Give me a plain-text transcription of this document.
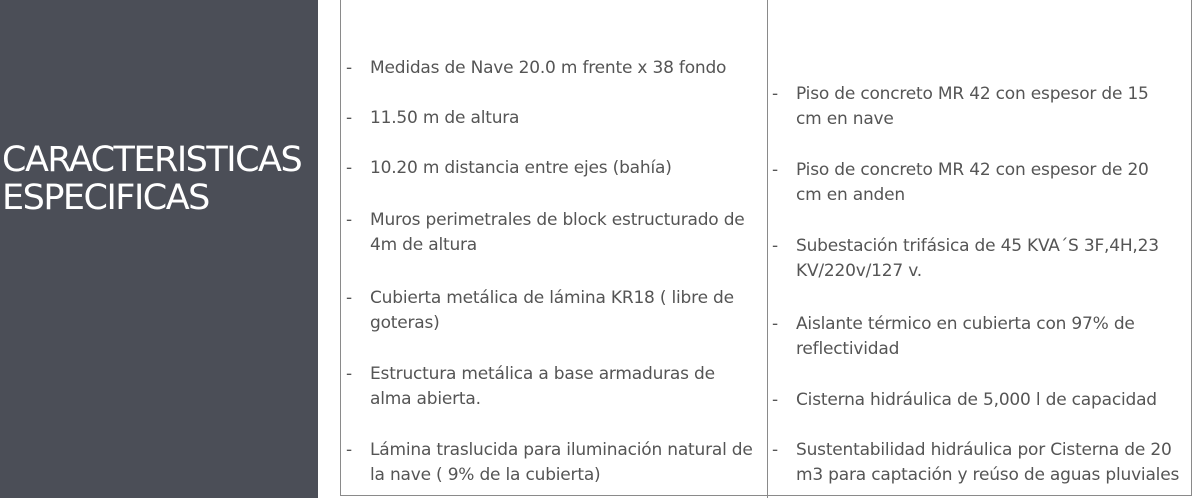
CARACTERISTICAS
ESPECIFICAS
- Medidas de Nave 20.0 m frente x 38 fondo
- 11.50 m de altura
- 10.20 m distancia entre ejes (bahía)
- Muros perimetrales de block estructurado de
4m de altura
- Cubierta metálica de lámina KR18 ( libre de
goteras)
- Estructura metálica a base armaduras de
alma abierta.
- Lámina traslucida para iluminación natural de
la nave ( 9% de la cubierta)
- Piso de concreto MR 42 con espesor de 15
cm en nave
- Piso de concreto MR 42 con espesor de 20
cm en anden
- Subestación trifásica de 45 KVA´S 3F,4H,23
KV/220v/127 v.
- Aislante térmico en cubierta con 97% de
reflectividad
- Cisterna hidráulica de 5,000 l de capacidad
- Sustentabilidad hidráulica por Cisterna de 20
m3 para captación y reúso de aguas pluviales
